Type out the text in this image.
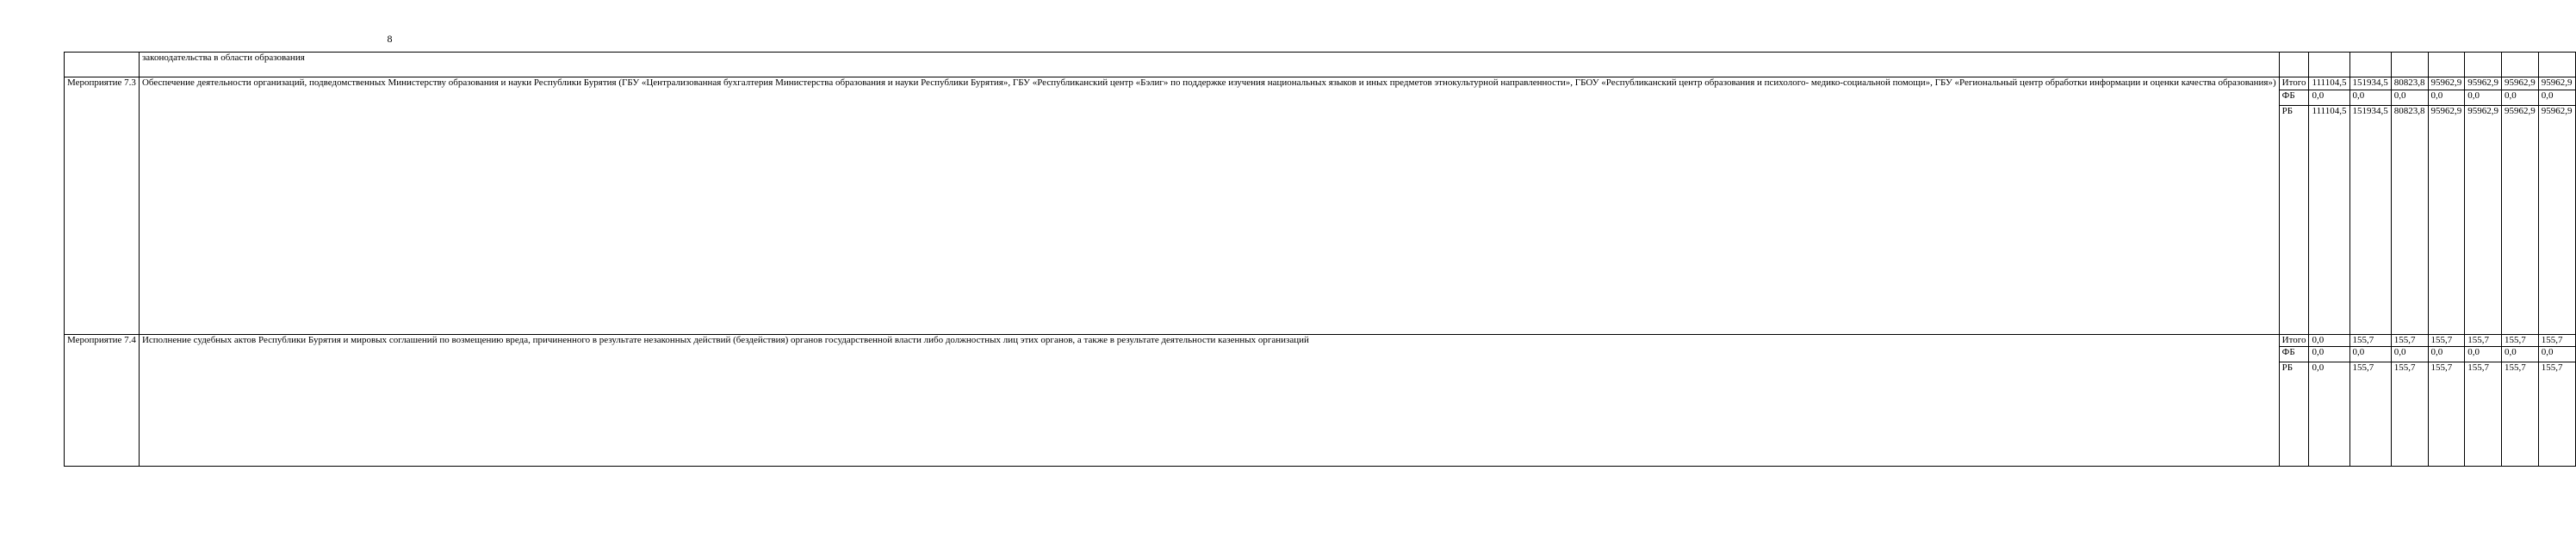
8
	законодательства в области образования								
Мероприятие 7.3	Обеспечение деятельности организаций, подведомственных Министерству образования и науки Республики Бурятия (ГБУ «Централизованная бухгалтерия Министерства образования и науки Республики Бурятия», ГБУ «Республиканский центр «Бэлиг» по поддержке изучения национальных языков и иных предметов этнокультурной направленности», ГБОУ «Республиканский центр образования и психолого- медико-социальной помощи», ГБУ «Региональный центр обработки информации и оценки качества образования»)	Итого	111104,5	151934,5	80823,8	95962,9	95962,9	95962,9	95962,9
		ФБ	0,0	0,0	0,0	0,0	0,0	0,0	0,0
		РБ	111104,5	151934,5	80823,8	95962,9	95962,9	95962,9	95962,9
Мероприятие 7.4	Исполнение судебных актов Республики Бурятия и мировых соглашений по возмещению вреда, причиненного в результате незаконных действий (бездействия) органов государственной власти либо должностных лиц этих органов, а также в результате деятельности казенных организаций	Итого	0,0	155,7	155,7	155,7	155,7	155,7	155,7
		ФБ	0,0	0,0	0,0	0,0	0,0	0,0	0,0
		РБ	0,0	155,7	155,7	155,7	155,7	155,7	155,7
